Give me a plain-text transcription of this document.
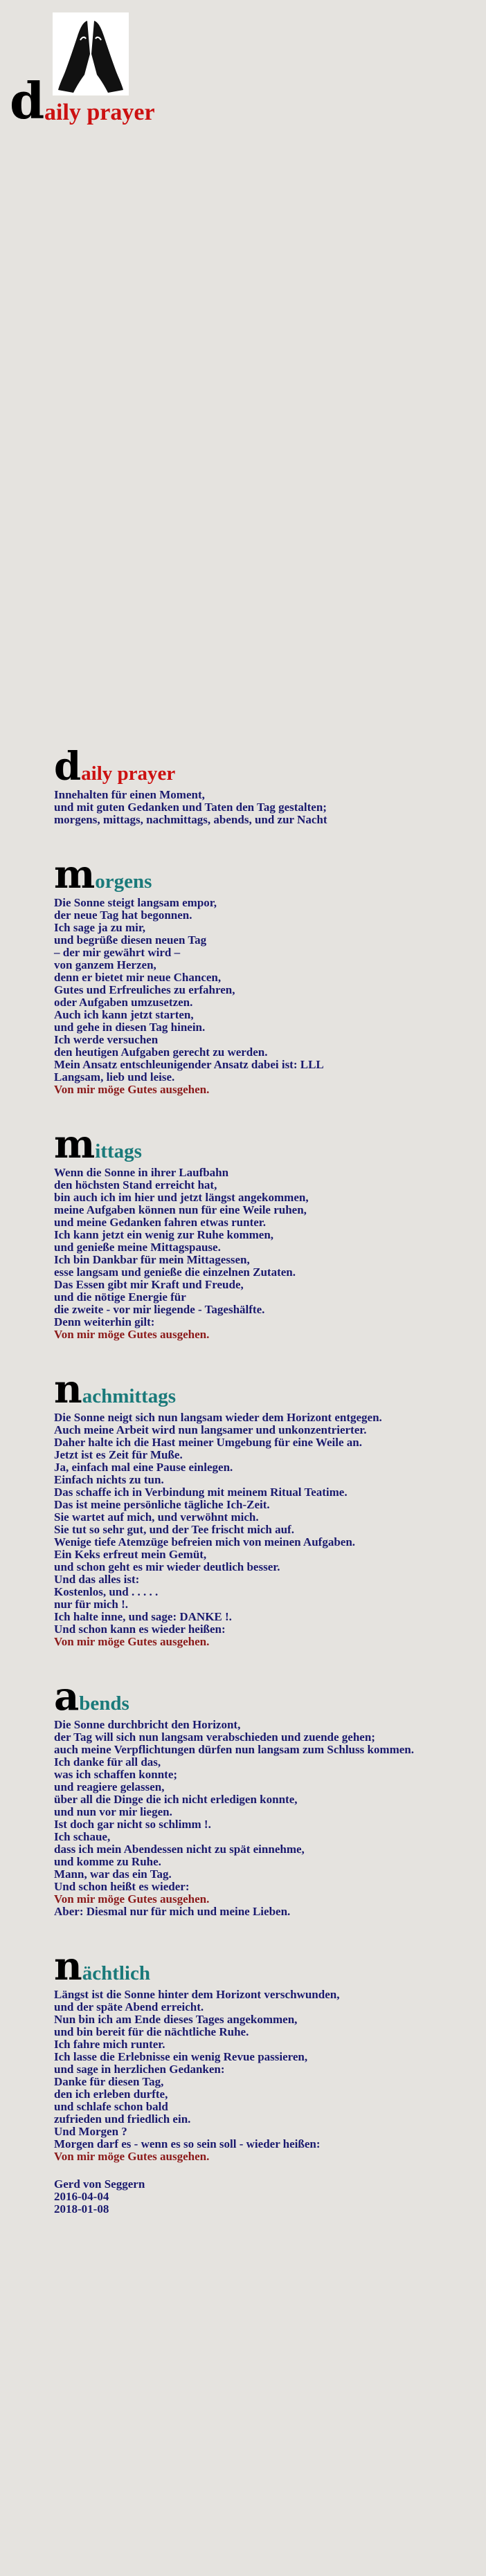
d aily prayer
daily prayer
Innehalten für einen Moment,
und mit guten Gedanken und Taten den Tag gestalten;
morgens, mittags, nachmittags, abends, und zur Nacht
morgens
Die Sonne steigt langsam empor,
der neue Tag hat begonnen.
Ich sage ja zu mir,
und begrüße diesen neuen Tag
– der mir gewährt wird –
von ganzem Herzen,
denn er bietet mir neue Chancen,
Gutes und Erfreuliches zu erfahren,
oder Aufgaben umzusetzen.
Auch ich kann jetzt starten,
und gehe in diesen Tag hinein.
Ich werde versuchen
den heutigen Aufgaben gerecht zu werden.
Mein Ansatz entschleunigender Ansatz dabei ist: LLL
Langsam, lieb und leise.
Von mir möge Gutes ausgehen.
mittags
Wenn die Sonne in ihrer Laufbahn
den höchsten Stand erreicht hat,
bin auch ich im hier und jetzt längst angekommen,
meine Aufgaben können nun für eine Weile ruhen,
und meine Gedanken fahren etwas runter.
Ich kann jetzt ein wenig zur Ruhe kommen,
und genieße meine Mittagspause.
Ich bin Dankbar für mein Mittagessen,
esse langsam und genieße die einzelnen Zutaten.
Das Essen gibt mir Kraft und Freude,
und die nötige Energie für
die zweite - vor mir liegende - Tageshälfte.
Denn weiterhin gilt:
Von mir möge Gutes ausgehen.
nachmittags
Die Sonne neigt sich nun langsam wieder dem Horizont entgegen.
Auch meine Arbeit wird nun langsamer und unkonzentrierter.
Daher halte ich die Hast meiner Umgebung für eine Weile an.
Jetzt ist es Zeit für Muße.
Ja, einfach mal eine Pause einlegen.
Einfach nichts zu tun.
Das schaffe ich in Verbindung mit meinem Ritual Teatime.
Das ist meine persönliche tägliche Ich-Zeit.
Sie wartet auf mich, und verwöhnt mich.
Sie tut so sehr gut, und der Tee frischt mich auf.
Wenige tiefe Atemzüge befreien mich von meinen Aufgaben.
Ein Keks erfreut mein Gemüt,
und schon geht es mir wieder deutlich besser.
Und das alles ist:
Kostenlos, und . . . . .
nur für mich !.
Ich halte inne, und sage: DANKE !.
Und schon kann es wieder heißen:
Von mir möge Gutes ausgehen.
abends
Die Sonne durchbricht den Horizont,
der Tag will sich nun langsam verabschieden und zuende gehen;
auch meine Verpflichtungen dürfen nun langsam zum Schluss kommen.
Ich danke für all das,
was ich schaffen konnte;
und reagiere gelassen,
über all die Dinge die ich nicht erledigen konnte,
und nun vor mir liegen.
Ist doch gar nicht so schlimm !.
Ich schaue,
dass ich mein Abendessen nicht zu spät einnehme,
und komme zu Ruhe.
Mann, war das ein Tag.
Und schon heißt es wieder:
Von mir möge Gutes ausgehen.
Aber: Diesmal nur für mich und meine Lieben.
nächtlich
Längst ist die Sonne hinter dem Horizont verschwunden,
und der späte Abend erreicht.
Nun bin ich am Ende dieses Tages angekommen,
und bin bereit für die nächtliche Ruhe.
Ich fahre mich runter.
Ich lasse die Erlebnisse ein wenig Revue passieren,
und sage in herzlichen Gedanken:
Danke für diesen Tag,
den ich erleben durfte,
und schlafe schon bald
zufrieden und friedlich ein.
Und Morgen ?
Morgen darf es - wenn es so sein soll - wieder heißen:
Von mir möge Gutes ausgehen.
Gerd von Seggern
2016-04-04
2018-01-08
